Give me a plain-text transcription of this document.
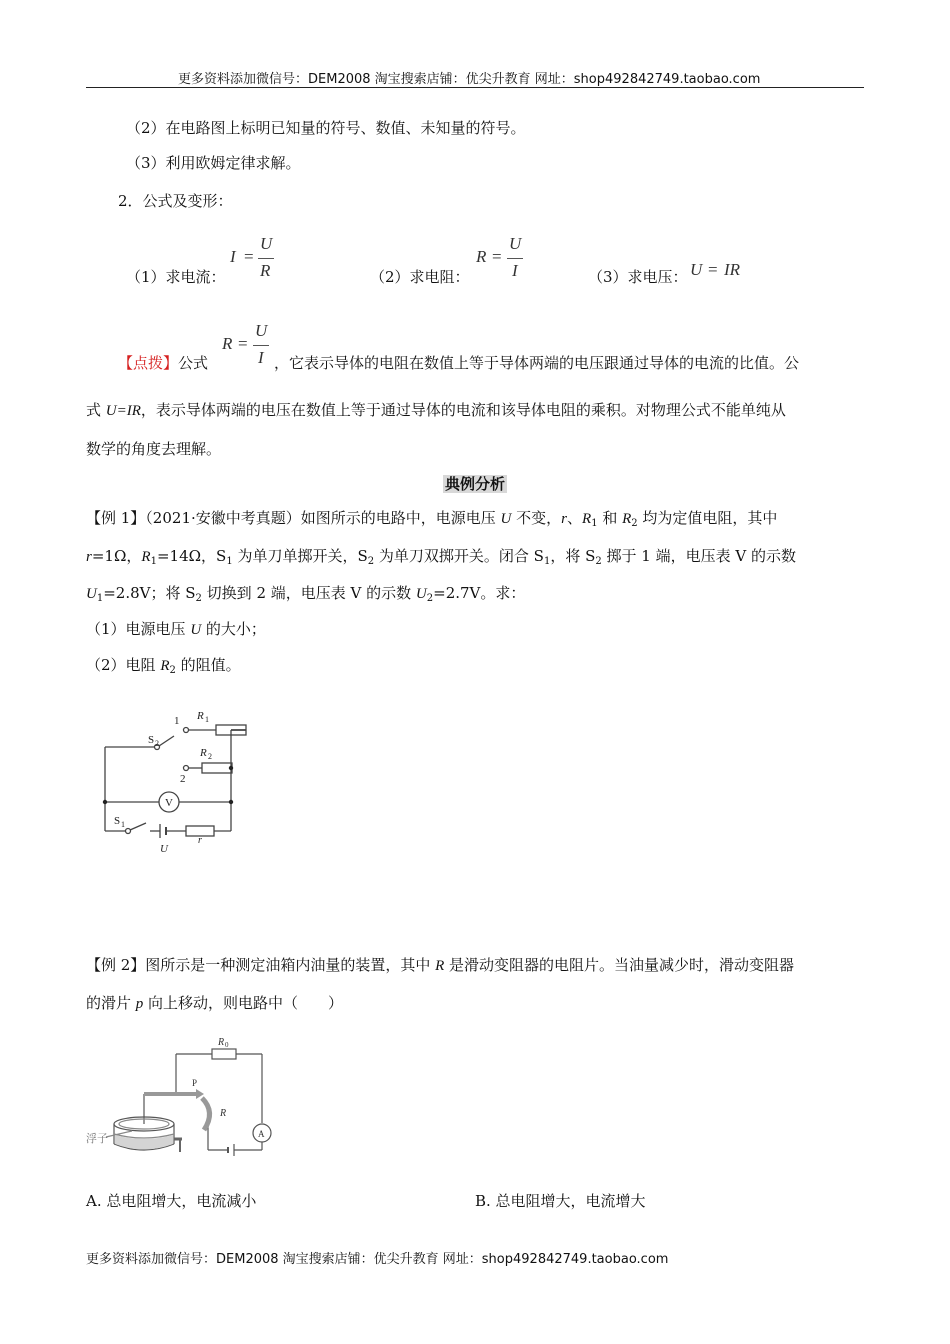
更多资料添加微信号：DEM2008 淘宝搜索店铺：优尖升教育 网址：shop492842749.taobao.com
（2）在电路图上标明已知量的符号、数值、未知量的符号。
（3）利用欧姆定律求解。
2．公式及变形：
（1）求电流：
I =
U
R	（2）求电阻：
R =
U
I	（3）求电压： U = IR
【点拨】公式
R =
U
I ，它表示导体的电阻在数值上等于导体两端的电压跟通过导体的电流的比值。公
式 U=IR，表示导体两端的电压在数值上等于通过导体的电流和该导体电阻的乘积。对物理公式不能单纯从
数学的角度去理解。
典例分析
【例 1】（2021·安徽中考真题）如图所示的电路中，电源电压 U 不变，r、$R_1$ 和 $R_2$ 均为定值电阻，其中
r=1Ω，$R_1=14\Omega$，$S_1$ 为单刀单掷开关，$S_2$ 为单刀双掷开关。闭合 $S_1$，将 $S_2$ 掷于 1 端，电压表 V 的示数
$U_1=2.8V$；将 $S_2$ 切换到 2 端，电压表 V 的示数 $U_2=2.7V$。求：
（1）电源电压 U 的大小；
（2）电阻 $R_2$ 的阻值。
1
2
R 1
R 2
S 2
S 1
V
U
r
【例 2】图所示是一种测定油箱内油量的装置，其中 R 是滑动变阻器的电阻片。当油量减少时，滑动变阻器
的滑片 p 向上移动，则电路中（　　）
R 0
P
R
A
浮子
A. 总电阻增大，电流减小	B. 总电阻增大，电流增大
更多资料添加微信号：DEM2008 淘宝搜索店铺：优尖升教育 网址：shop492842749.taobao.com
